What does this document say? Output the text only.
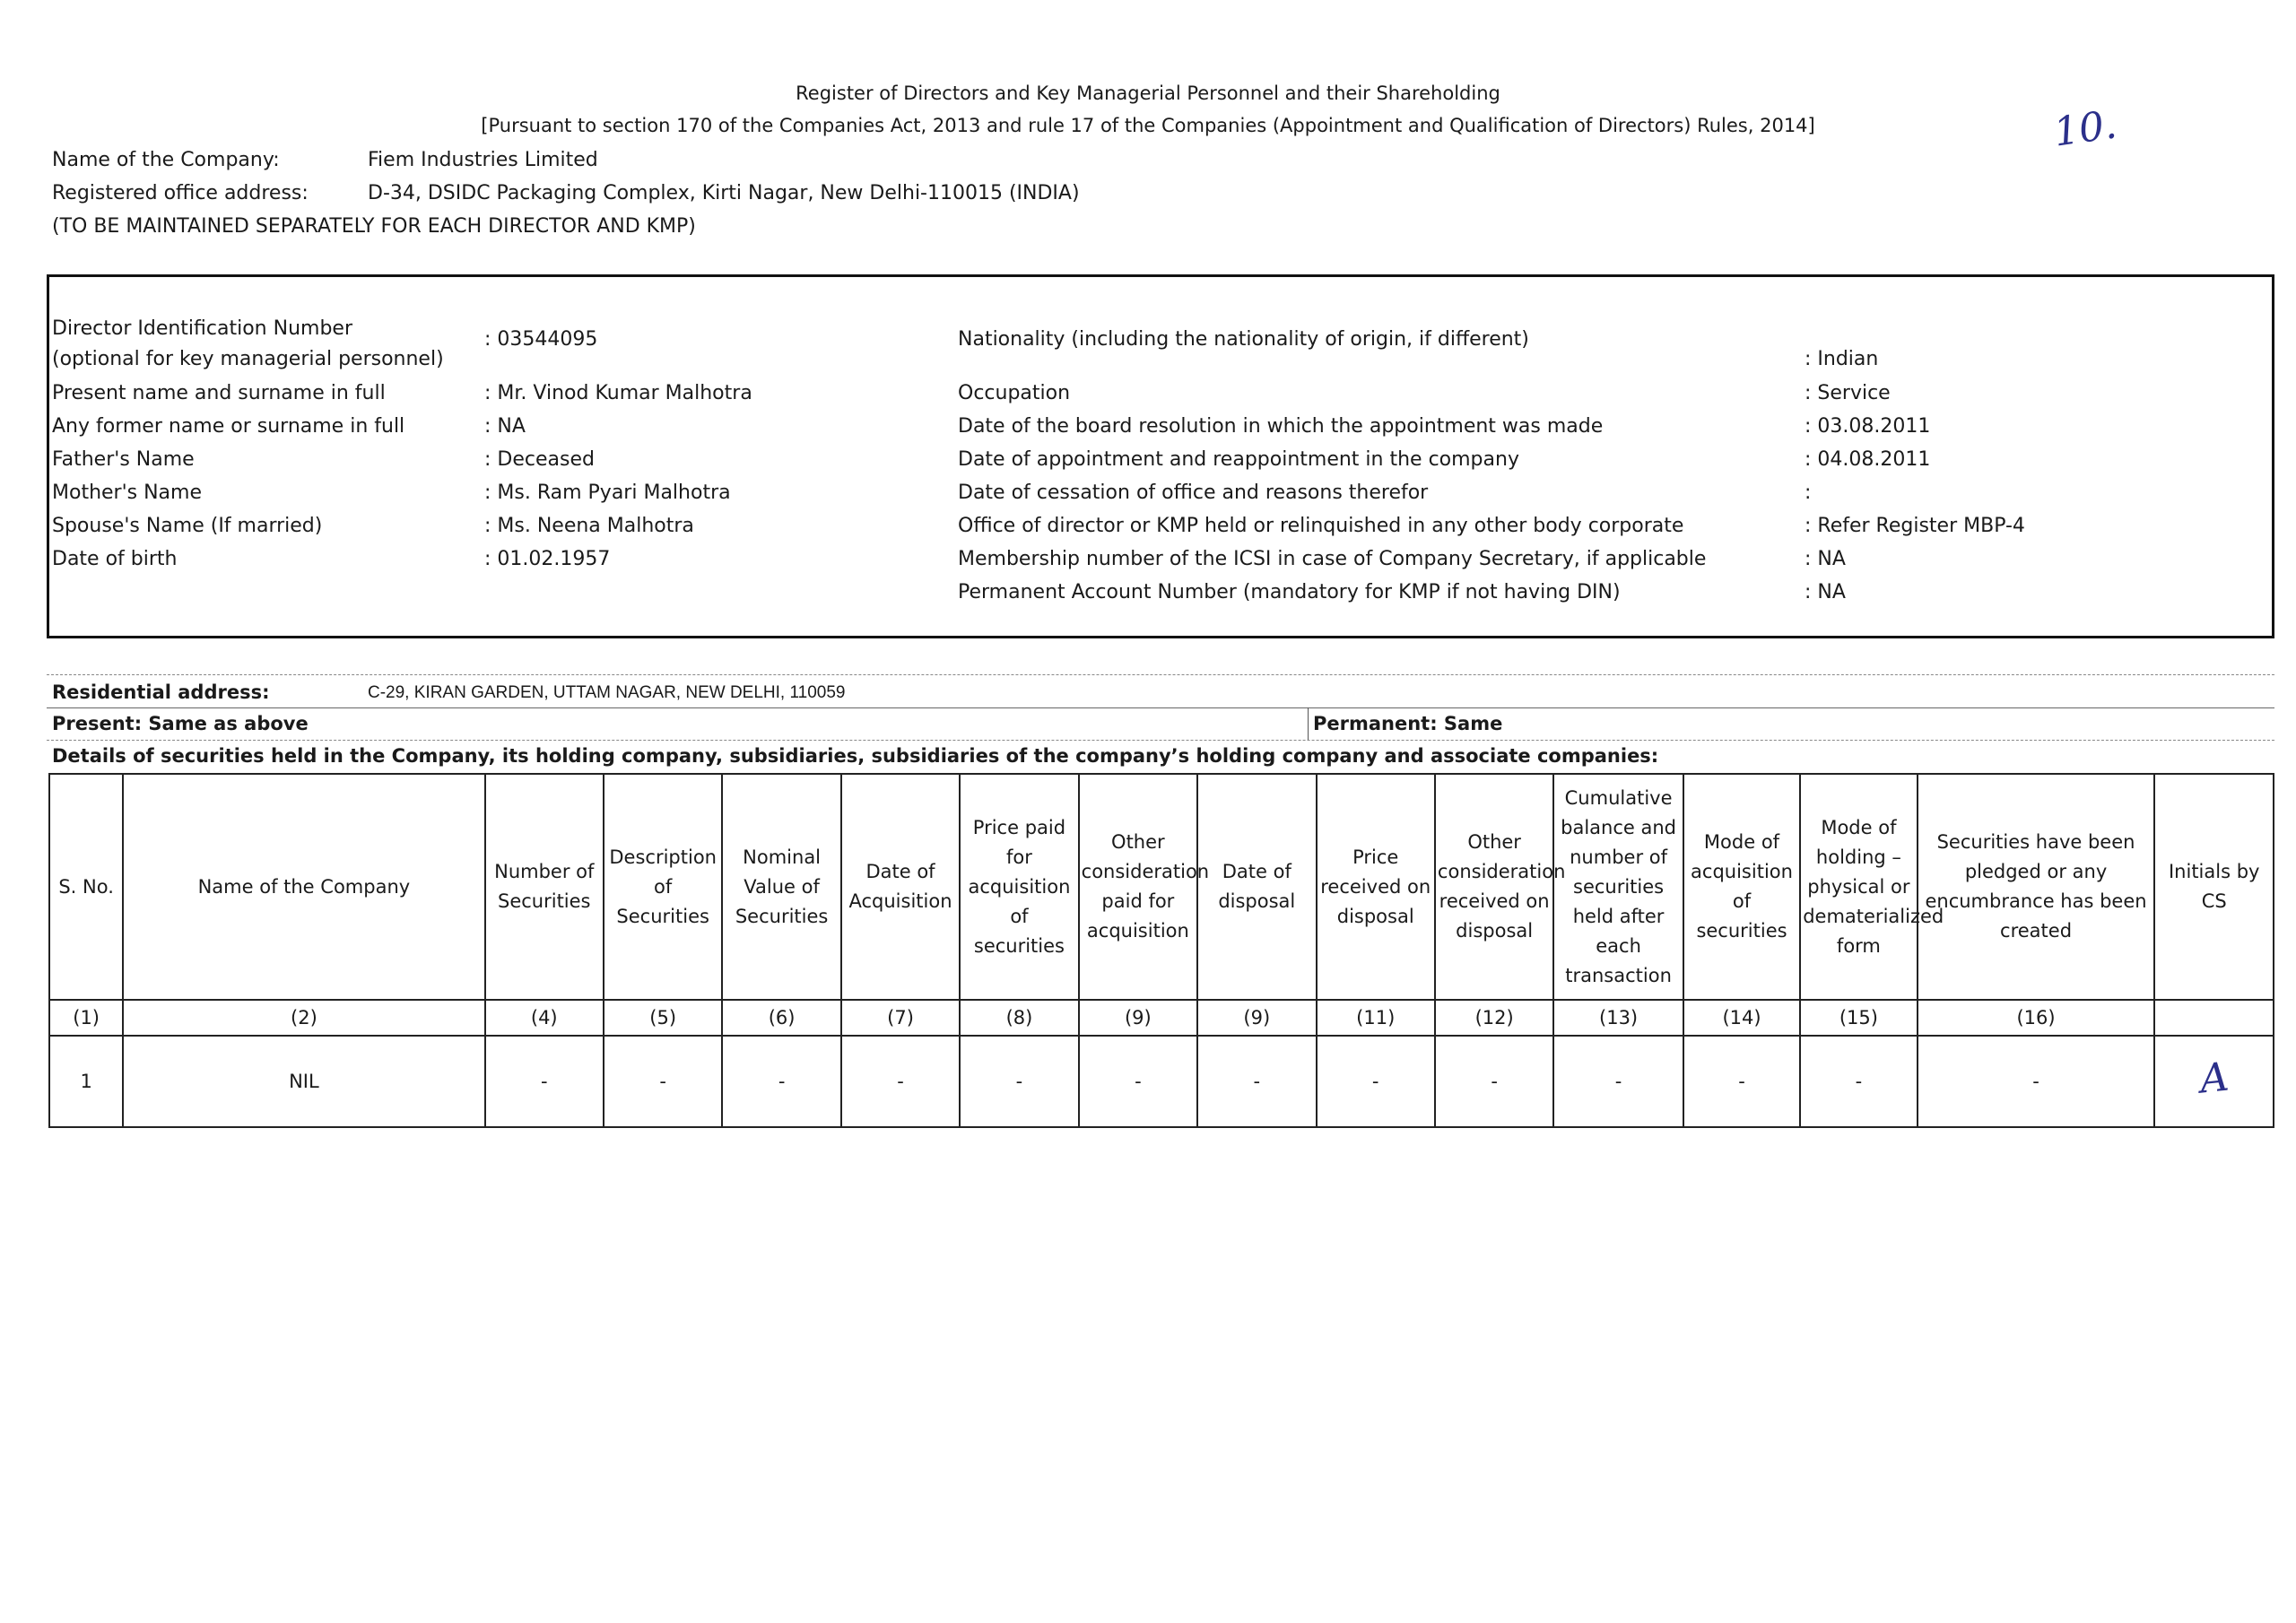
Register of Directors and Key Managerial Personnel and their Shareholding
[Pursuant to section 170 of the Companies Act, 2013 and rule 17 of the Companies (Appointment and Qualification of Directors) Rules, 2014]	10.
Name of the Company:	Fiem Industries Limited
Registered office address:	D-34, DSIDC Packaging Complex, Kirti Nagar, New Delhi-110015 (INDIA)
(TO BE MAINTAINED SEPARATELY FOR EACH DIRECTOR AND KMP)
Director Identification Number
(optional for key managerial personnel)
: 03544095
Present name and surname in full	: Mr. Vinod Kumar Malhotra
Any former name or surname in full	: NA
Father's Name	: Deceased
Mother's Name	: Ms. Ram Pyari Malhotra
Spouse's Name (If married)	: Ms. Neena Malhotra
Date of birth	: 01.02.1957
Nationality (including the nationality of origin, if different)
: Indian
Occupation	: Service
Date of the board resolution in which the appointment was made	: 03.08.2011
Date of appointment and reappointment in the company	: 04.08.2011
Date of cessation of office and reasons therefor	:
Office of director or KMP held or relinquished in any other body corporate	: Refer Register MBP-4
Membership number of the ICSI in case of Company Secretary, if applicable	: NA
Permanent Account Number (mandatory for KMP if not having DIN)	: NA
Residential address:	C-29, KIRAN GARDEN, UTTAM NAGAR, NEW DELHI, 110059
Present: Same as above	Permanent: Same
Details of securities held in the Company, its holding company, subsidiaries, subsidiaries of the company’s holding company and associate companies:
S. No.	Name of the Company	Number of Securities	Description of Securities	Nominal Value of Securities	Date of Acquisition	Price paid for acquisition of securities	Other consideration paid for acquisition	Date of disposal	Price received on disposal	Other consideration received on disposal	Cumulative balance and number of securities held after each transaction	Mode of acquisition of securities	Mode of holding – physical or dematerialized form	Securities have been pledged or any encumbrance has been created	Initials by CS
(1)	(2)	(4)	(5)	(6)	(7)	(8)	(9)	(9)	(11)	(12)	(13)	(14)	(15)	(16)	
1	NIL	-	-	-	-	-	-	-	-	-	-	-	-	-	A
